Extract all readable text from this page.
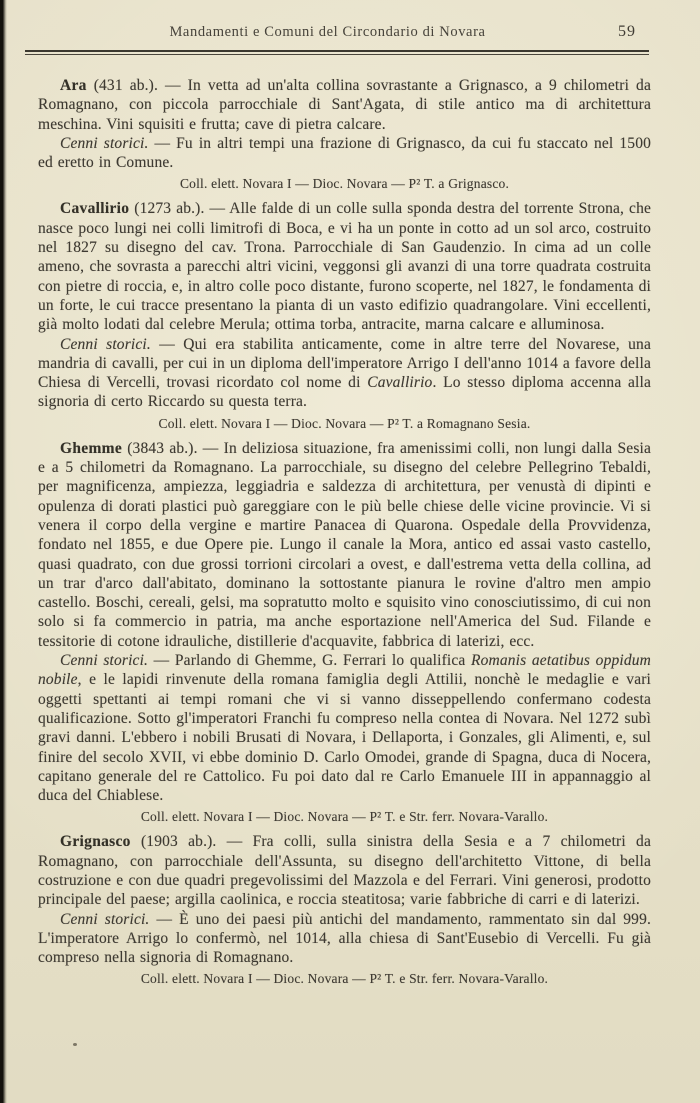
Mandamenti e Comuni del Circondario di Novara	59

Ara (431 ab.). — In vetta ad un'alta collina sovrastante a Grignasco, a 9 chilometri da Romagnano, con piccola parrocchiale di Sant'Agata, di stile antico ma di architettura meschina. Vini squisiti e frutta; cave di pietra calcare.

Cenni storici. — Fu in altri tempi una frazione di Grignasco, da cui fu staccato nel 1500 ed eretto in Comune.

Coll. elett. Novara I — Dioc. Novara — P² T. a Grignasco.

Cavallirio (1273 ab.). — Alle falde di un colle sulla sponda destra del torrente Strona, che nasce poco lungi nei colli limitrofi di Boca, e vi ha un ponte in cotto ad un sol arco, costruito nel 1827 su disegno del cav. Trona. Parrocchiale di San Gaudenzio. In cima ad un colle ameno, che sovrasta a parecchi altri vicini, veggonsi gli avanzi di una torre quadrata costruita con pietre di roccia, e, in altro colle poco distante, furono scoperte, nel 1827, le fondamenta di un forte, le cui tracce presentano la pianta di un vasto edifizio quadrangolare. Vini eccellenti, già molto lodati dal celebre Merula; ottima torba, antracite, marna calcare e alluminosa.

Cenni storici. — Qui era stabilita anticamente, come in altre terre del Novarese, una mandria di cavalli, per cui in un diploma dell'imperatore Arrigo I dell'anno 1014 a favore della Chiesa di Vercelli, trovasi ricordato col nome di Cavallirio. Lo stesso diploma accenna alla signoria di certo Riccardo su questa terra.

Coll. elett. Novara I — Dioc. Novara — P² T. a Romagnano Sesia.

Ghemme (3843 ab.). — In deliziosa situazione, fra amenissimi colli, non lungi dalla Sesia e a 5 chilometri da Romagnano. La parrocchiale, su disegno del celebre Pellegrino Tebaldi, per magnificenza, ampiezza, leggiadria e saldezza di architettura, per venustà di dipinti e opulenza di dorati plastici può gareggiare con le più belle chiese delle vicine provincie. Vi si venera il corpo della vergine e martire Panacea di Quarona. Ospedale della Provvidenza, fondato nel 1855, e due Opere pie. Lungo il canale la Mora, antico ed assai vasto castello, quasi quadrato, con due grossi torrioni circolari a ovest, e dall'estrema vetta della collina, ad un trar d'arco dall'abitato, dominano la sottostante pianura le rovine d'altro men ampio castello. Boschi, cereali, gelsi, ma sopratutto molto e squisito vino conosciutissimo, di cui non solo si fa commercio in patria, ma anche esportazione nell'America del Sud. Filande e tessitorie di cotone idrauliche, distillerie d'acquavite, fabbrica di laterizi, ecc.

Cenni storici. — Parlando di Ghemme, G. Ferrari lo qualifica Romanis aetatibus oppidum nobile, e le lapidi rinvenute della romana famiglia degli Attilii, nonchè le medaglie e vari oggetti spettanti ai tempi romani che vi si vanno disseppellendo confermano codesta qualificazione. Sotto gl'imperatori Franchi fu compreso nella contea di Novara. Nel 1272 subì gravi danni. L'ebbero i nobili Brusati di Novara, i Dellaporta, i Gonzales, gli Alimenti, e, sul finire del secolo XVII, vi ebbe dominio D. Carlo Omodei, grande di Spagna, duca di Nocera, capitano generale del re Cattolico. Fu poi dato dal re Carlo Emanuele III in appannaggio al duca del Chiablese.

Coll. elett. Novara I — Dioc. Novara — P² T. e Str. ferr. Novara-Varallo.

Grignasco (1903 ab.). — Fra colli, sulla sinistra della Sesia e a 7 chilometri da Romagnano, con parrocchiale dell'Assunta, su disegno dell'architetto Vittone, di bella costruzione e con due quadri pregevolissimi del Mazzola e del Ferrari. Vini generosi, prodotto principale del paese; argilla caolinica, e roccia steatitosa; varie fabbriche di carri e di laterizi.

Cenni storici. — È uno dei paesi più antichi del mandamento, rammentato sin dal 999. L'imperatore Arrigo lo confermò, nel 1014, alla chiesa di Sant'Eusebio di Vercelli. Fu già compreso nella signoria di Romagnano.

Coll. elett. Novara I — Dioc. Novara — P² T. e Str. ferr. Novara-Varallo.
